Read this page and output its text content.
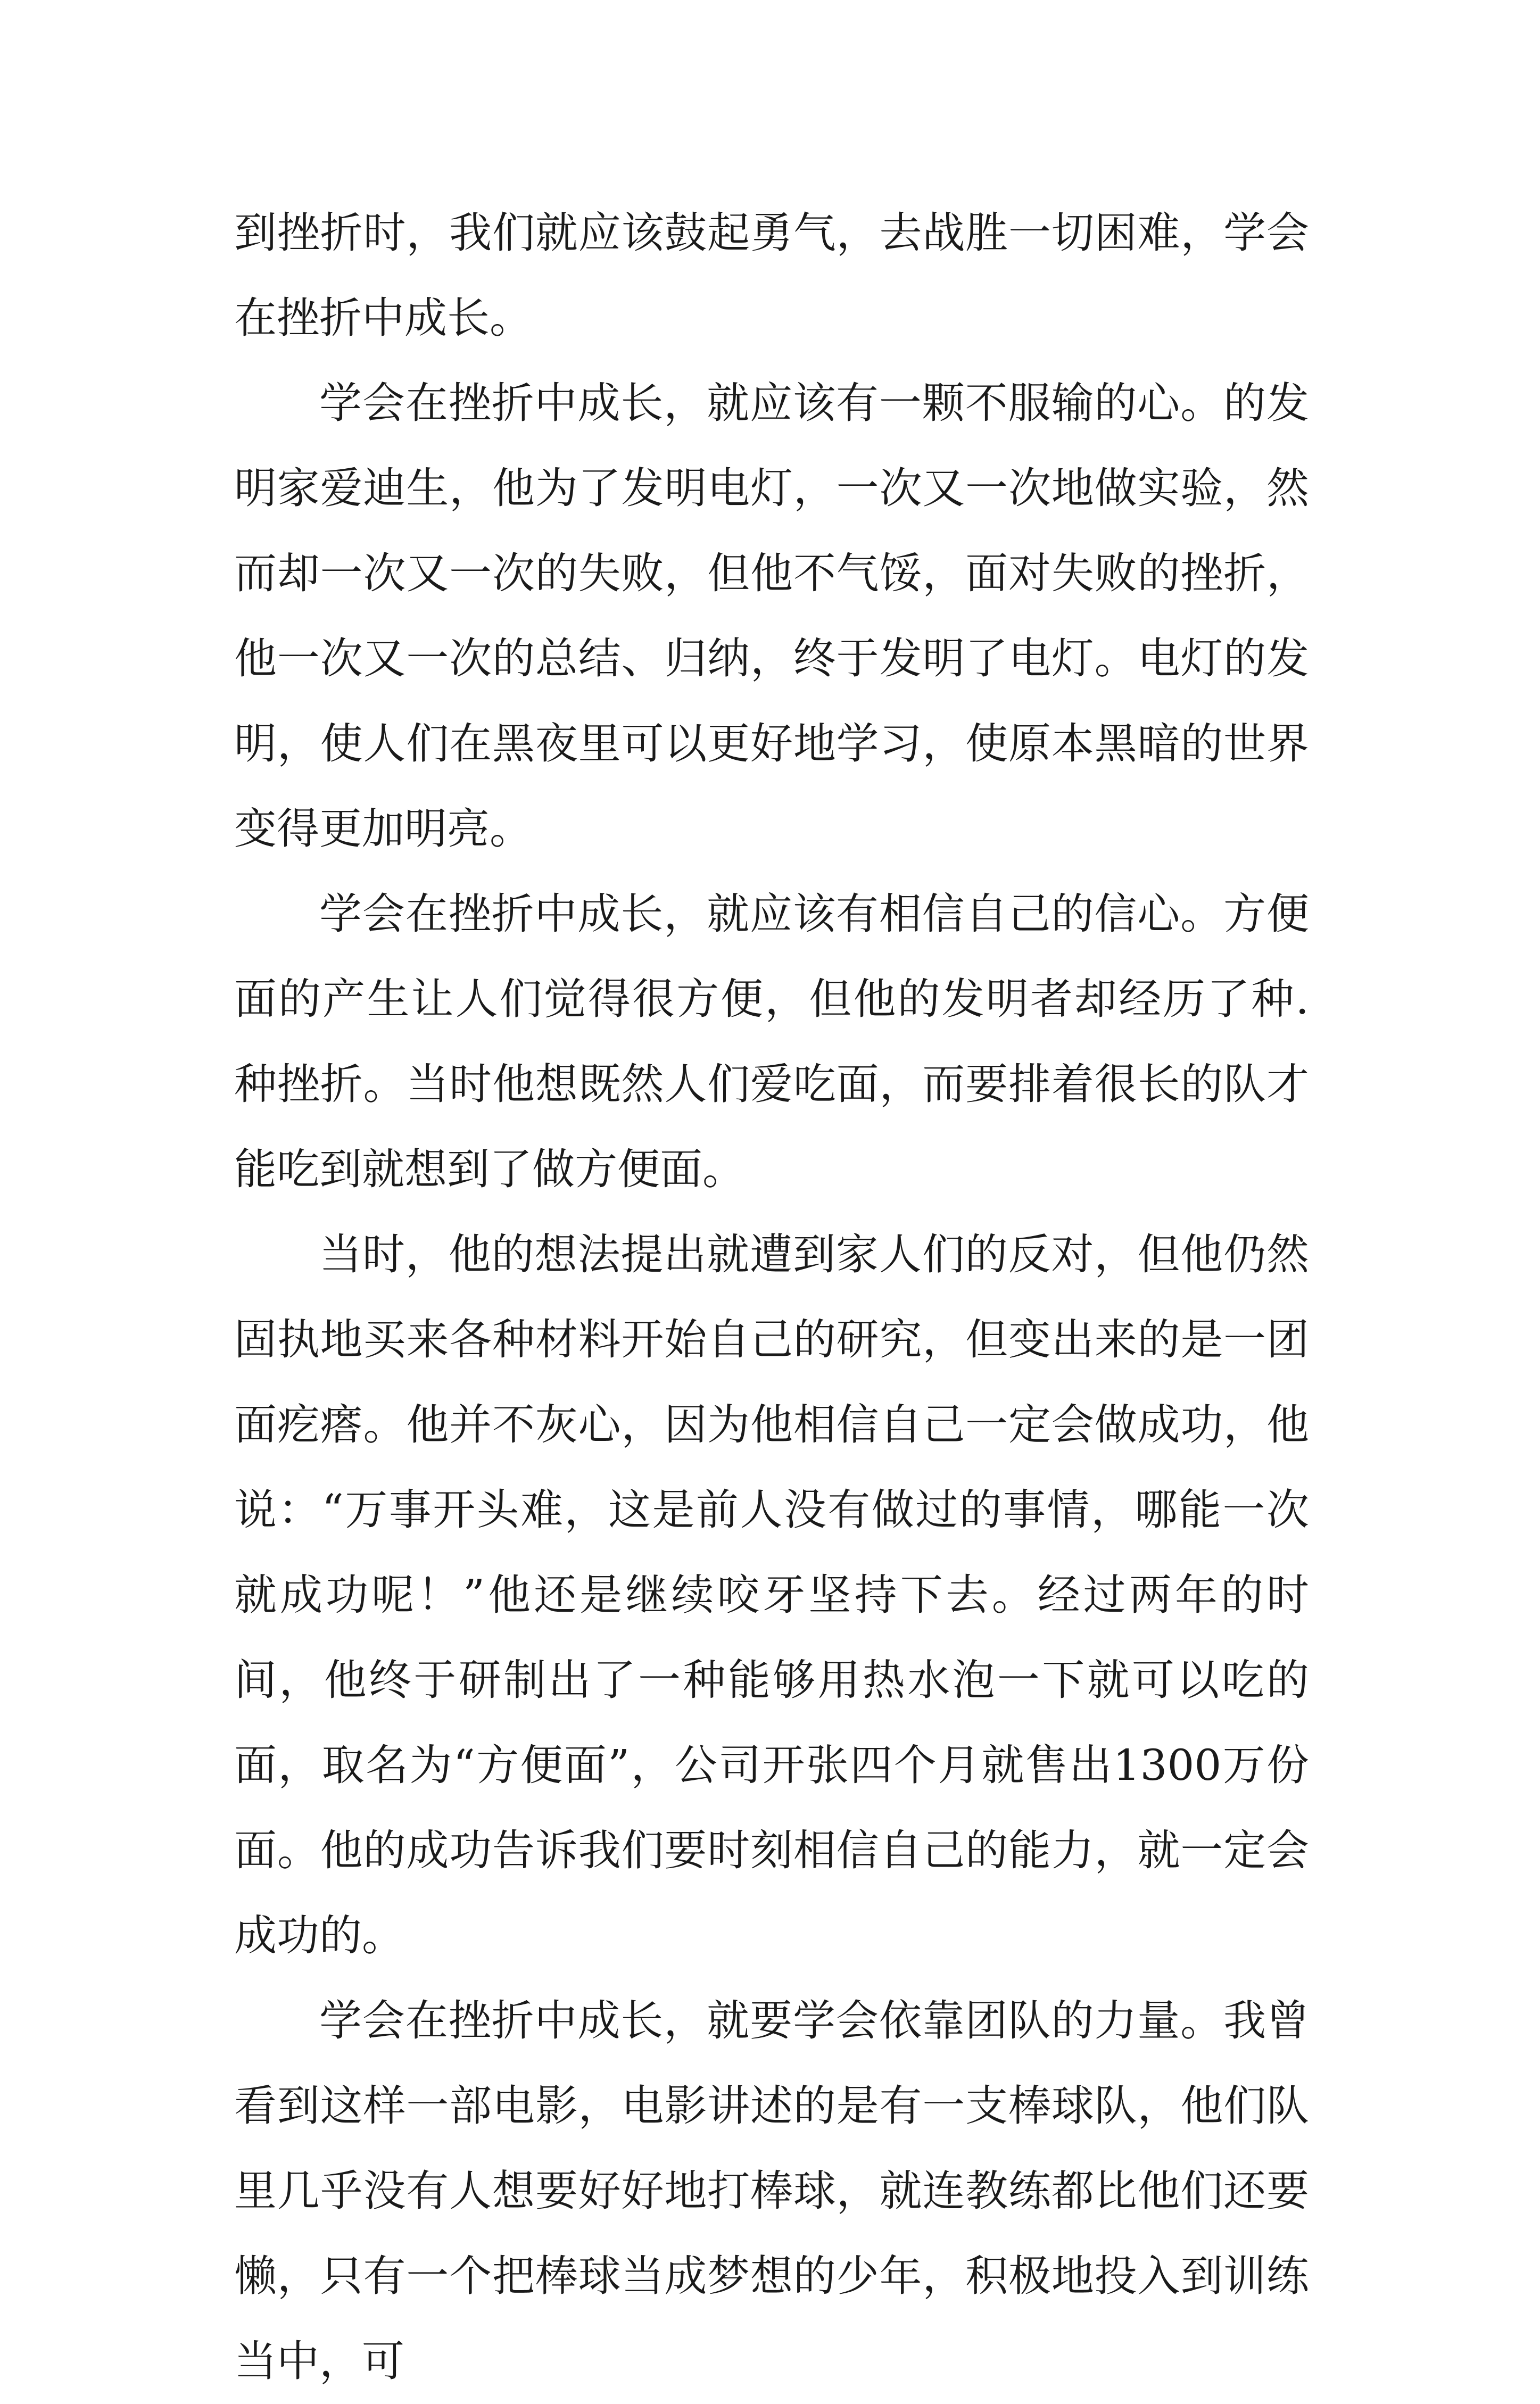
到挫折时，我们就应该鼓起勇气，去战胜一切困难，学会在挫折中成长。

学会在挫折中成长，就应该有一颗不服输的心。的发明家爱迪生，他为了发明电灯，一次又一次地做实验，然而却一次又一次的失败，但他不气馁，面对失败的挫折，他一次又一次的总结、归纳，终于发明了电灯。电灯的发明，使人们在黑夜里可以更好地学习，使原本黑暗的世界变得更加明亮。

学会在挫折中成长，就应该有相信自己的信心。方便面的产生让人们觉得很方便，但他的发明者却经历了种.种挫折。当时他想既然人们爱吃面，而要排着很长的队才能吃到就想到了做方便面。

当时，他的想法提出就遭到家人们的反对，但他仍然固执地买来各种材料开始自己的研究，但变出来的是一团面疙瘩。他并不灰心，因为他相信自己一定会做成功，他说：“万事开头难，这是前人没有做过的事情，哪能一次就成功呢！”他还是继续咬牙坚持下去。经过两年的时间，他终于研制出了一种能够用热水泡一下就可以吃的面，取名为“方便面”，公司开张四个月就售出1300万份面。他的成功告诉我们要时刻相信自己的能力，就一定会成功的。

学会在挫折中成长，就要学会依靠团队的力量。我曾看到这样一部电影，电影讲述的是有一支棒球队，他们队里几乎没有人想要好好地打棒球，就连教练都比他们还要懒，只有一个把棒球当成梦想的少年，积极地投入到训练当中，可
